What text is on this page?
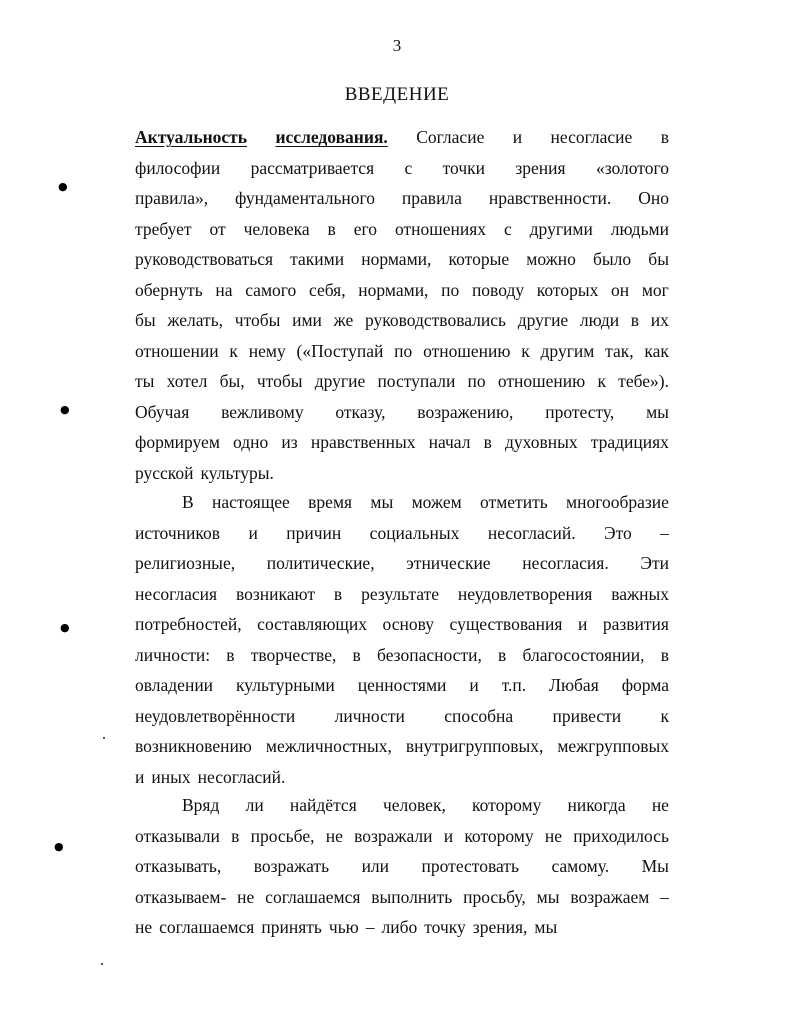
3
ВВЕДЕНИЕ
Актуальность исследования. Согласие и несогласие в
философии рассматривается с точки зрения «золотого
правила», фундаментального правила нравственности. Оно
требует от человека в его отношениях с другими людьми
руководствоваться такими нормами, которые можно было бы
обернуть на самого себя, нормами, по поводу которых он мог
бы желать, чтобы ими же руководствовались другие люди в их
отношении к нему («Поступай по отношению к другим так, как
ты хотел бы, чтобы другие поступали по отношению к тебе»).
Обучая вежливому отказу, возражению, протесту, мы
формируем одно из нравственных начал в духовных традициях
русской культуры.
В настоящее время мы можем отметить многообразие
источников и причин социальных несогласий. Это –
религиозные, политические, этнические несогласия. Эти
несогласия возникают в результате неудовлетворения важных
потребностей, составляющих основу существования и развития
личности: в творчестве, в безопасности, в благосостоянии, в
овладении культурными ценностями и т.п. Любая форма
неудовлетворённости личности способна привести к
возникновению межличностных, внутригрупповых, межгрупповых
и иных несогласий.
Вряд ли найдётся человек, которому никогда не
отказывали в просьбе, не возражали и которому не приходилось
отказывать, возражать или протестовать самому. Мы
отказываем- не соглашаемся выполнить просьбу, мы возражаем –
не соглашаемся принять чью – либо точку зрения, мы
●
●
●
●
